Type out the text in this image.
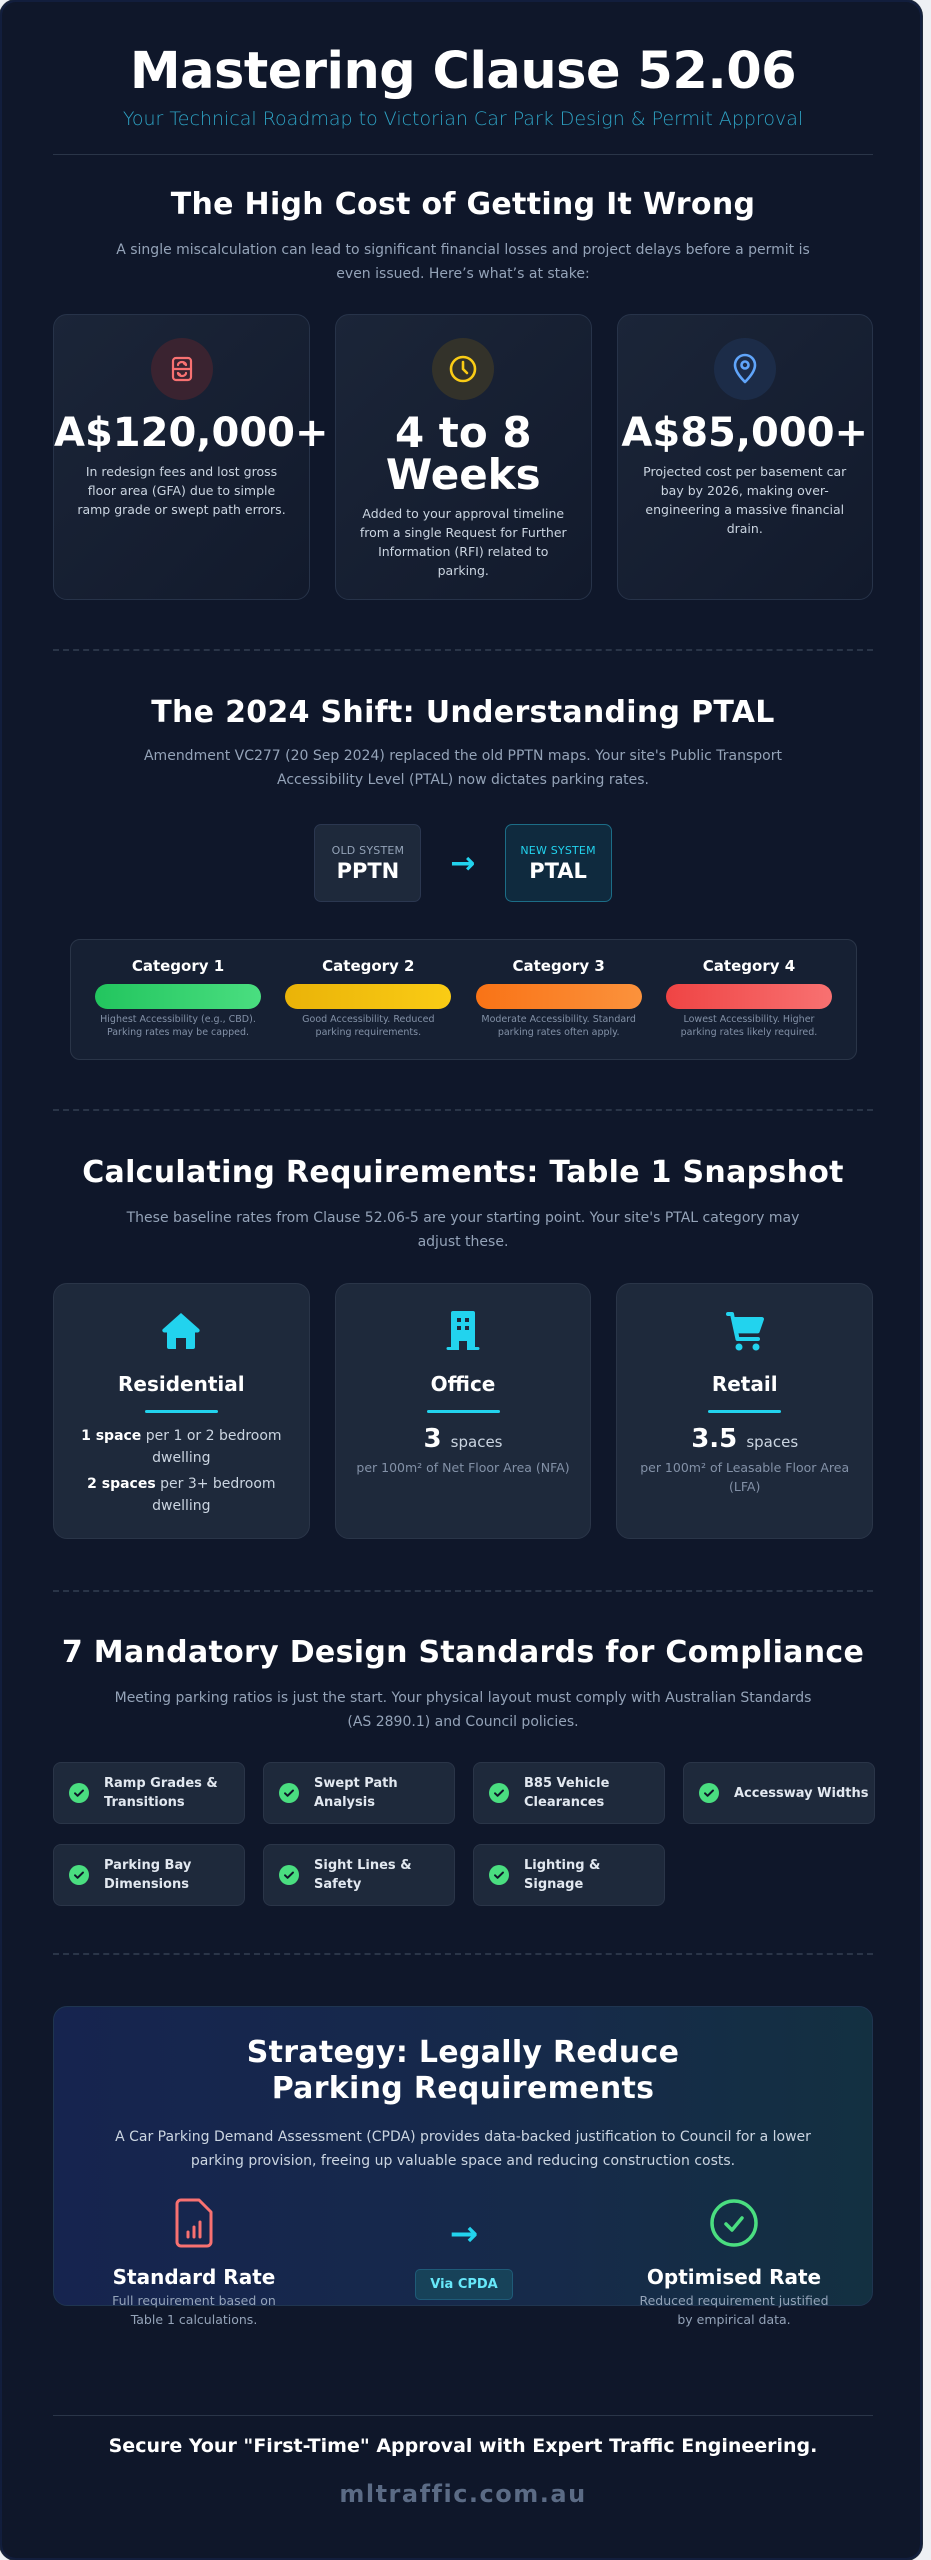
Mastering Clause 52.06
Your Technical Roadmap to Victorian Car Park Design & Permit Approval
The High Cost of Getting It Wrong
A single miscalculation can lead to significant financial losses and project delays before a permit is even issued. Here’s what’s at stake:
A$120,000+
In redesign fees and lost gross floor area (GFA) due to simple ramp grade or swept path errors.
4 to 8 Weeks
Added to your approval timeline from a single Request for Further Information (RFI) related to parking.
A$85,000+
Projected cost per basement car bay by 2026, making over-engineering a massive financial drain.
The 2024 Shift: Understanding PTAL
Amendment VC277 (20 Sep 2024) replaced the old PPTN maps. Your site's Public Transport Accessibility Level (PTAL) now dictates parking rates.
OLD SYSTEM
PPTN →	NEW SYSTEM
PTAL
Category 1
Highest Accessibility (e.g., CBD). Parking rates may be capped.
Category 2
Good Accessibility. Reduced parking requirements.
Category 3
Moderate Accessibility. Standard parking rates often apply.
Category 4
Lowest Accessibility. Higher parking rates likely required.
Calculating Requirements: Table 1 Snapshot
These baseline rates from Clause 52.06-5 are your starting point. Your site's PTAL category may adjust these.
Residential
1 space per 1 or 2 bedroom dwelling
2 spaces per 3+ bedroom dwelling
Office
3 spaces
per 100m² of Net Floor Area (NFA)
Retail
3.5 spaces
per 100m² of Leasable Floor Area (LFA)
7 Mandatory Design Standards for Compliance
Meeting parking ratios is just the start. Your physical layout must comply with Australian Standards (AS 2890.1) and Council policies.
Ramp Grades & Transitions
Swept Path Analysis
B85 Vehicle Clearances
Accessway Widths
Parking Bay Dimensions
Sight Lines & Safety
Lighting & Signage
Strategy: Legally Reduce Parking Requirements
A Car Parking Demand Assessment (CPDA) provides data-backed justification to Council for a lower parking provision, freeing up valuable space and reducing construction costs.
Standard Rate
Full requirement based on Table 1 calculations.
→
Via CPDA	Optimised Rate
Reduced requirement justified by empirical data.
Secure Your "First-Time" Approval with Expert Traffic Engineering.
mltraffic.com.au
